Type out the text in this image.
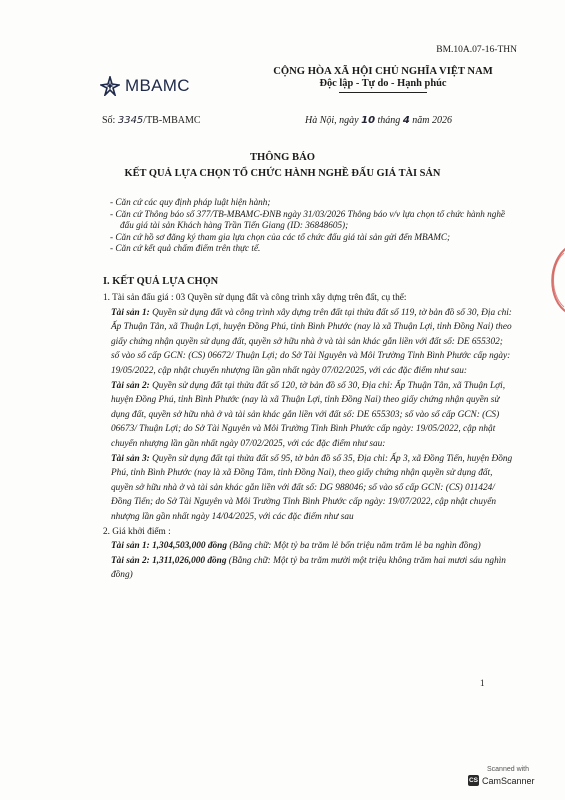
BM.10A.07-16-THN
MBAMC
CỘNG HÒA XÃ HỘI CHỦ NGHĨA VIỆT NAM
Độc lập - Tự do - Hạnh phúc
Số: 3345/TB-MBAMC	Hà Nội, ngày 10 tháng 4 năm 2026
THÔNG BÁO
KẾT QUẢ LỰA CHỌN TỔ CHỨC HÀNH NGHỀ ĐẤU GIÁ TÀI SẢN
- Căn cứ các quy định pháp luật hiện hành;
- Căn cứ Thông báo số 377/TB-MBAMC-ĐNB ngày 31/03/2026 Thông báo v/v lựa chọn tổ chức hành nghề đấu giá tài sản Khách hàng Trần Tiến Giang (ID: 36848605);
- Căn cứ hồ sơ đăng ký tham gia lựa chọn của các tổ chức đấu giá tài sản gửi đến MBAMC;
- Căn cứ kết quả chấm điểm trên thực tế.
I. KẾT QUẢ LỰA CHỌN
1. Tài sản đấu giá : 03 Quyền sử dụng đất và công trình xây dựng trên đất, cụ thể:
Tài sản 1: Quyền sử dụng đất và công trình xây dựng trên đất tại thửa đất số 119, tờ bản đồ số 30, Địa chỉ: Ấp Thuận Tân, xã Thuận Lợi, huyện Đồng Phú, tỉnh Bình Phước (nay là xã Thuận Lợi, tỉnh Đồng Nai) theo giấy chứng nhận quyền sử dụng đất, quyền sở hữu nhà ở và tài sản khác gắn liền với đất số: DE 655302; số vào sổ cấp GCN: (CS) 06672/ Thuận Lợi; do Sở Tài Nguyên và Môi Trường Tỉnh Bình Phước cấp ngày: 19/05/2022, cập nhật chuyển nhượng lần gần nhất ngày 07/02/2025, với các đặc điểm như sau:
Tài sản 2: Quyền sử dụng đất tại thửa đất số 120, tờ bản đồ số 30, Địa chỉ: Ấp Thuận Tân, xã Thuận Lợi, huyện Đồng Phú, tỉnh Bình Phước (nay là xã Thuận Lợi, tỉnh Đồng Nai) theo giấy chứng nhận quyền sử dụng đất, quyền sở hữu nhà ở và tài sản khác gắn liền với đất số: DE 655303; số vào sổ cấp GCN: (CS) 06673/ Thuận Lợi; do Sở Tài Nguyên và Môi Trường Tỉnh Bình Phước cấp ngày: 19/05/2022, cập nhật chuyển nhượng lần gần nhất ngày 07/02/2025, với các đặc điểm như sau:
Tài sản 3: Quyền sử dụng đất tại thửa đất số 95, tờ bản đồ số 35, Địa chỉ: Ấp 3, xã Đồng Tiến, huyện Đồng Phú, tỉnh Bình Phước (nay là xã Đồng Tâm, tỉnh Đồng Nai), theo giấy chứng nhận quyền sử dụng đất, quyền sở hữu nhà ở và tài sản khác gắn liền với đất số: DG 988046; số vào sổ cấp GCN: (CS) 011424/ Đồng Tiến; do Sở Tài Nguyên và Môi Trường Tỉnh Bình Phước cấp ngày: 19/07/2022, cập nhật chuyển nhượng lần gần nhất ngày 14/04/2025, với các đặc điểm như sau
2. Giá khởi điểm :
Tài sản 1: 1,304,503,000 đồng (Bằng chữ: Một tỷ ba trăm lẻ bốn triệu năm trăm lẻ ba nghìn đồng)
Tài sản 2: 1,311,026,000 đồng (Bằng chữ: Một tỷ ba trăm mười một triệu không trăm hai mươi sáu nghìn đồng)
1
Scanned with
CS CamScanner
